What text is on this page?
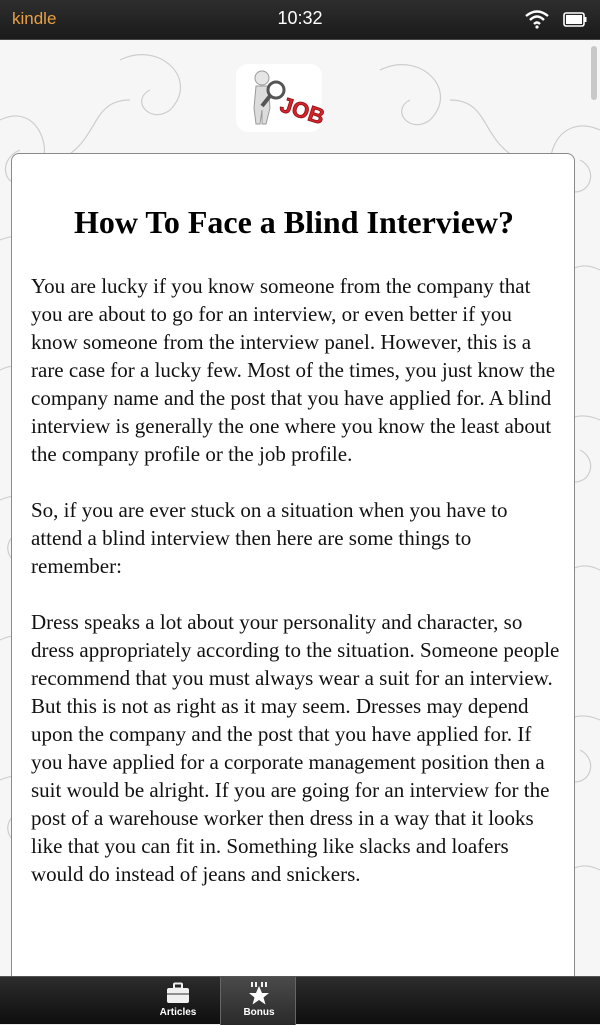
kindle	10:32
JOB
How To Face a Blind Interview?

You are lucky if you know someone from the company that you are about to go for an interview, or even better if you know someone from the interview panel. However, this is a rare case for a lucky few. Most of the times, you just know the company name and the post that you have applied for. A blind interview is generally the one where you know the least about the company profile or the job profile.

So, if you are ever stuck on a situation when you have to attend a blind interview then here are some things to remember:

Dress speaks a lot about your personality and character, so dress appropriately according to the situation. Someone people recommend that you must always wear a suit for an interview. But this is not as right as it may seem. Dresses may depend upon the company and the post that you have applied for. If you have applied for a corporate management position then a suit would be alright. If you are going for an interview for the post of a warehouse worker then dress in a way that it looks like that you can fit in. Something like slacks and loafers would do instead of jeans and snickers.

Articles	Bonus
